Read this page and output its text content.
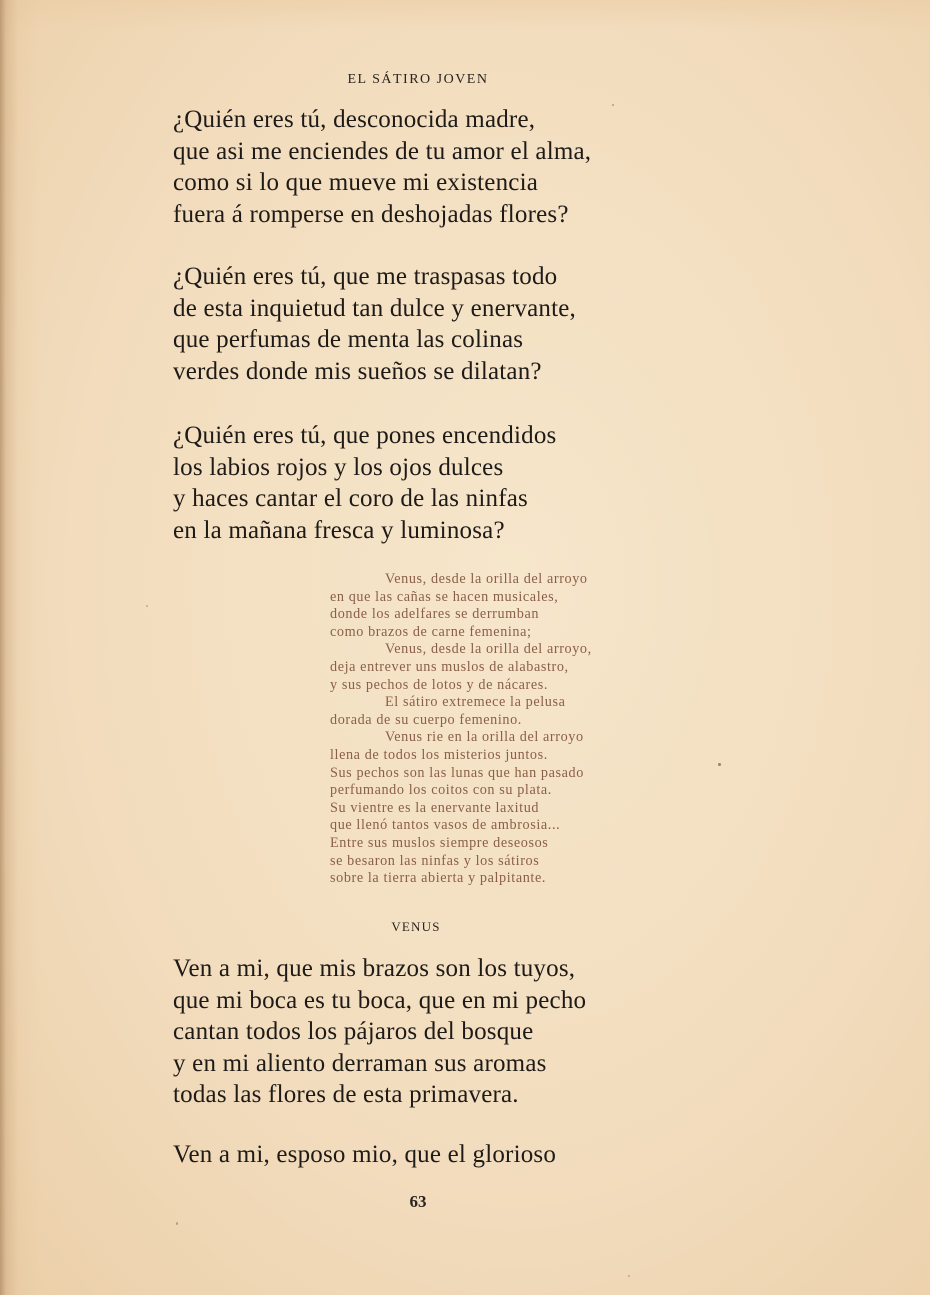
EL SÁTIRO JOVEN
¿Quién eres tú, desconocida madre,
que asi me enciendes de tu amor el alma,
como si lo que mueve mi existencia
fuera á romperse en deshojadas flores?
¿Quién eres tú, que me traspasas todo
de esta inquietud tan dulce y enervante,
que perfumas de menta las colinas
verdes donde mis sueños se dilatan?
¿Quién eres tú, que pones encendidos
los labios rojos y los ojos dulces
y haces cantar el coro de las ninfas
en la mañana fresca y luminosa?
Venus, desde la orilla del arroyo
en que las cañas se hacen musicales,
donde los adelfares se derrumban
como brazos de carne femenina;
Venus, desde la orilla del arroyo,
deja entrever uns muslos de alabastro,
y sus pechos de lotos y de nácares.
El sátiro extremece la pelusa
dorada de su cuerpo femenino.
Venus rie en la orilla del arroyo
llena de todos los misterios juntos.
Sus pechos son las lunas que han pasado
perfumando los coitos con su plata.
Su vientre es la enervante laxitud
que llenó tantos vasos de ambrosia...
Entre sus muslos siempre deseosos
se besaron las ninfas y los sátiros
sobre la tierra abierta y palpitante.
VENUS
Ven a mi, que mis brazos son los tuyos,
que mi boca es tu boca, que en mi pecho
cantan todos los pájaros del bosque
y en mi aliento derraman sus aromas
todas las flores de esta primavera.
Ven a mi, esposo mio, que el glorioso
63
